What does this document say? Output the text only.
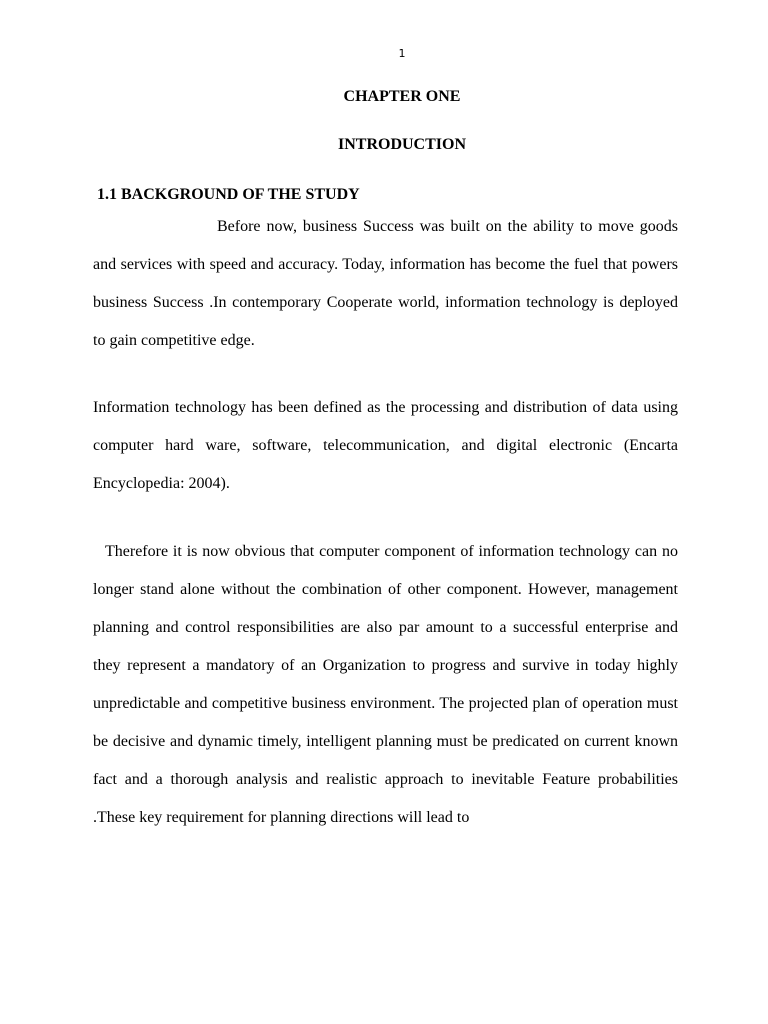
1
CHAPTER ONE
INTRODUCTION
1.1 BACKGROUND OF THE STUDY

Before now, business Success was built on the ability to move goods and services with speed and accuracy. Today, information has become the fuel that powers business Success .In contemporary Cooperate world, information technology is deployed to gain competitive edge.

Information technology has been defined as the processing and distribution of data using computer hard ware, software, telecommunication, and digital electronic (Encarta Encyclopedia: 2004).

Therefore it is now obvious that computer component of information technology can no longer stand alone without the combination of other component. However, management planning and control responsibilities are also par amount to a successful enterprise and they represent a mandatory of an Organization to progress and survive in today highly unpredictable and competitive business environment. The projected plan of operation must be decisive and dynamic timely, intelligent planning must be predicated on current known fact and a thorough analysis and realistic approach to inevitable Feature probabilities .These key requirement for planning directions will lead to
